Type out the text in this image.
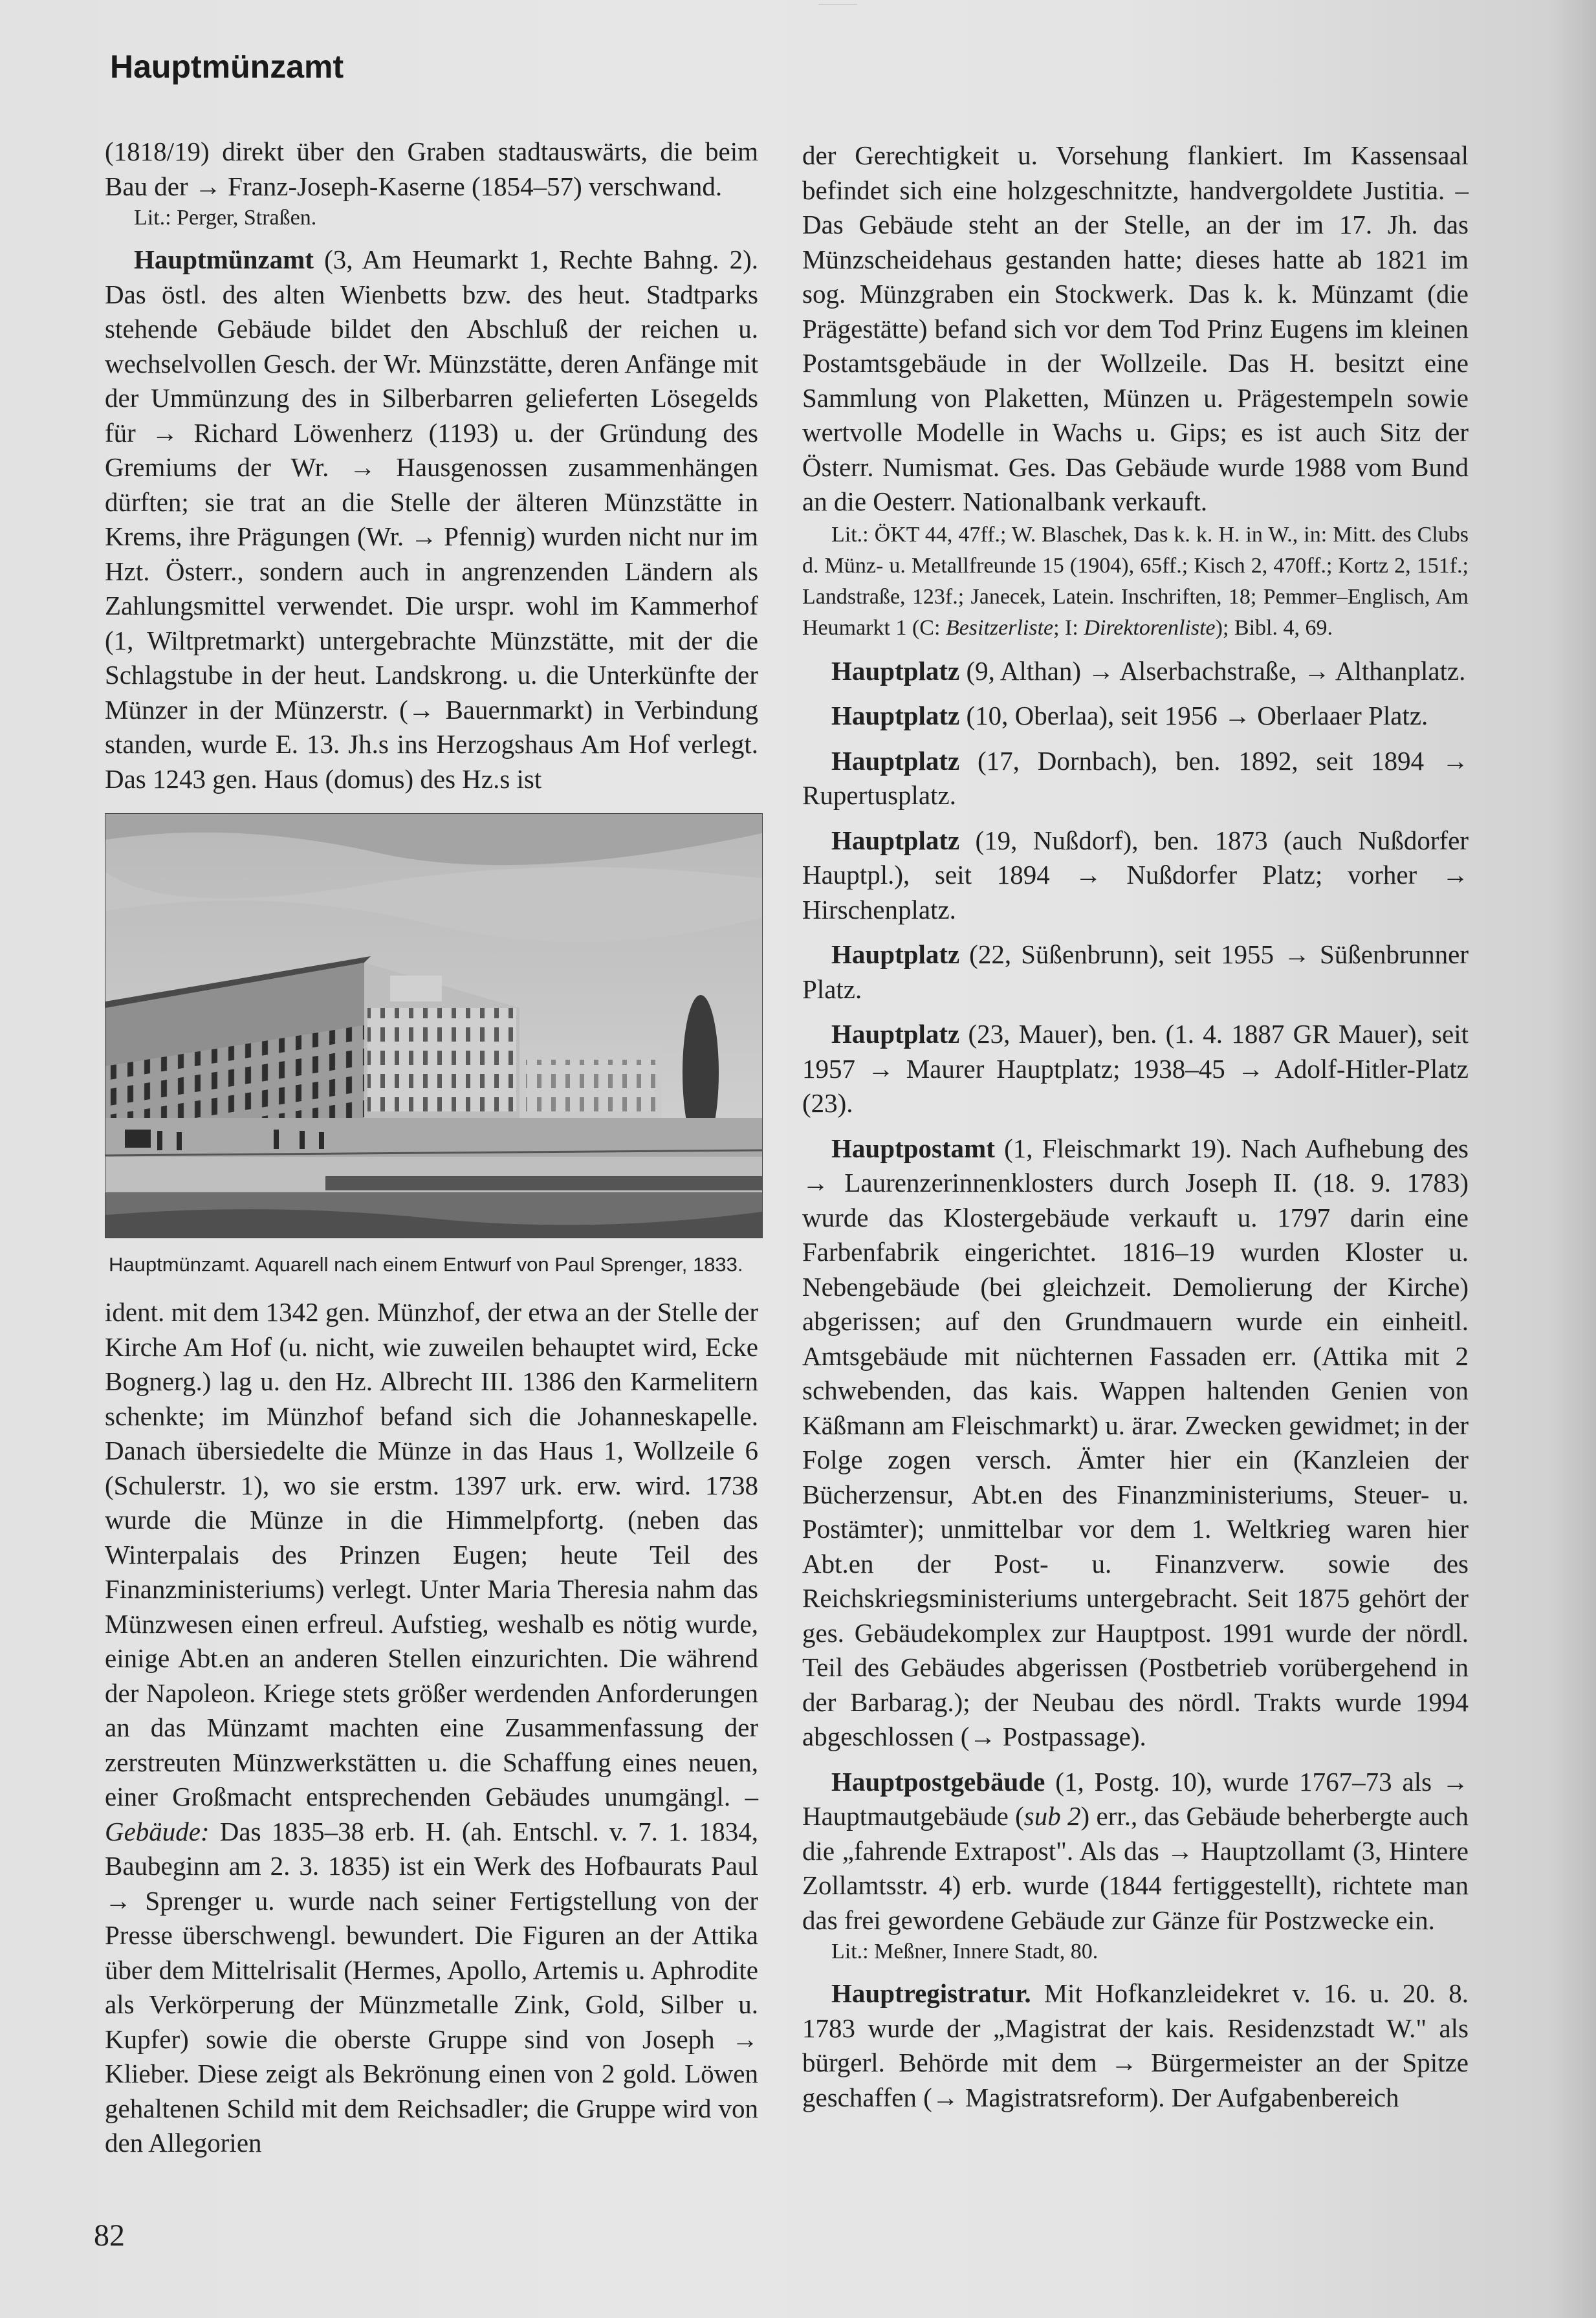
Hauptmünzamt

(1818/19) direkt über den Graben stadtauswärts, die beim Bau der → Franz-Joseph-Kaserne (1854–57) verschwand.

Lit.: Perger, Straßen.

Hauptmünzamt (3, Am Heumarkt 1, Rechte Bahng. 2). Das östl. des alten Wienbetts bzw. des heut. Stadtparks stehende Gebäude bildet den Abschluß der reichen u. wechselvollen Gesch. der Wr. Münzstätte, deren Anfänge mit der Ummünzung des in Silberbarren gelieferten Lösegelds für → Richard Löwenherz (1193) u. der Gründung des Gremiums der Wr. → Hausgenossen zusammenhängen dürften; sie trat an die Stelle der älteren Münzstätte in Krems, ihre Prägungen (Wr. → Pfennig) wurden nicht nur im Hzt. Österr., sondern auch in angrenzenden Ländern als Zahlungsmittel verwendet. Die urspr. wohl im Kammerhof (1, Wiltpretmarkt) untergebrachte Münzstätte, mit der die Schlagstube in der heut. Landskrong. u. die Unterkünfte der Münzer in der Münzerstr. (→ Bauernmarkt) in Verbindung standen, wurde E. 13. Jh.s ins Herzogshaus Am Hof verlegt. Das 1243 gen. Haus (domus) des Hz.s ist

Hauptmünzamt. Aquarell nach einem Entwurf von Paul Sprenger, 1833.

ident. mit dem 1342 gen. Münzhof, der etwa an der Stelle der Kirche Am Hof (u. nicht, wie zuweilen behauptet wird, Ecke Bognerg.) lag u. den Hz. Albrecht III. 1386 den Karmelitern schenkte; im Münzhof befand sich die Johanneskapelle. Danach übersiedelte die Münze in das Haus 1, Wollzeile 6 (Schulerstr. 1), wo sie erstm. 1397 urk. erw. wird. 1738 wurde die Münze in die Himmelpfortg. (neben das Winterpalais des Prinzen Eugen; heute Teil des Finanzministeriums) verlegt. Unter Maria Theresia nahm das Münzwesen einen erfreul. Aufstieg, weshalb es nötig wurde, einige Abt.en an anderen Stellen einzurichten. Die während der Napoleon. Kriege stets größer werdenden Anforderungen an das Münzamt machten eine Zusammenfassung der zerstreuten Münzwerkstätten u. die Schaffung eines neuen, einer Großmacht entsprechenden Gebäudes unumgängl. – Gebäude: Das 1835–38 erb. H. (ah. Entschl. v. 7. 1. 1834, Baubeginn am 2. 3. 1835) ist ein Werk des Hofbaurats Paul → Sprenger u. wurde nach seiner Fertigstellung von der Presse überschwengl. bewundert. Die Figuren an der Attika über dem Mittelrisalit (Hermes, Apollo, Artemis u. Aphrodite als Verkörperung der Münzmetalle Zink, Gold, Silber u. Kupfer) sowie die oberste Gruppe sind von Joseph → Klieber. Diese zeigt als Bekrönung einen von 2 gold. Löwen gehaltenen Schild mit dem Reichsadler; die Gruppe wird von den Allegorien

der Gerechtigkeit u. Vorsehung flankiert. Im Kassensaal befindet sich eine holzgeschnitzte, handvergoldete Justitia. – Das Gebäude steht an der Stelle, an der im 17. Jh. das Münzscheidehaus gestanden hatte; dieses hatte ab 1821 im sog. Münzgraben ein Stockwerk. Das k. k. Münzamt (die Prägestätte) befand sich vor dem Tod Prinz Eugens im kleinen Postamtsgebäude in der Wollzeile. Das H. besitzt eine Sammlung von Plaketten, Münzen u. Prägestempeln sowie wertvolle Modelle in Wachs u. Gips; es ist auch Sitz der Österr. Numismat. Ges. Das Gebäude wurde 1988 vom Bund an die Oesterr. Nationalbank verkauft.

Lit.: ÖKT 44, 47ff.; W. Blaschek, Das k. k. H. in W., in: Mitt. des Clubs d. Münz- u. Metallfreunde 15 (1904), 65ff.; Kisch 2, 470ff.; Kortz 2, 151f.; Landstraße, 123f.; Janecek, Latein. Inschriften, 18; Pemmer–Englisch, Am Heumarkt 1 (C: Besitzerliste; I: Direktorenliste); Bibl. 4, 69.

Hauptplatz (9, Althan) → Alserbachstraße, → Althanplatz.

Hauptplatz (10, Oberlaa), seit 1956 → Oberlaaer Platz.

Hauptplatz (17, Dornbach), ben. 1892, seit 1894 → Rupertusplatz.

Hauptplatz (19, Nußdorf), ben. 1873 (auch Nußdorfer Hauptpl.), seit 1894 → Nußdorfer Platz; vorher → Hirschenplatz.

Hauptplatz (22, Süßenbrunn), seit 1955 → Süßenbrunner Platz.

Hauptplatz (23, Mauer), ben. (1. 4. 1887 GR Mauer), seit 1957 → Maurer Hauptplatz; 1938–45 → Adolf-Hitler-Platz (23).

Hauptpostamt (1, Fleischmarkt 19). Nach Aufhebung des → Laurenzerinnenklosters durch Joseph II. (18. 9. 1783) wurde das Klostergebäude verkauft u. 1797 darin eine Farbenfabrik eingerichtet. 1816–19 wurden Kloster u. Nebengebäude (bei gleichzeit. Demolierung der Kirche) abgerissen; auf den Grundmauern wurde ein einheitl. Amtsgebäude mit nüchternen Fassaden err. (Attika mit 2 schwebenden, das kais. Wappen haltenden Genien von Käßmann am Fleischmarkt) u. ärar. Zwecken gewidmet; in der Folge zogen versch. Ämter hier ein (Kanzleien der Bücherzensur, Abt.en des Finanzministeriums, Steuer- u. Postämter); unmittelbar vor dem 1. Weltkrieg waren hier Abt.en der Post- u. Finanzverw. sowie des Reichskriegsministeriums untergebracht. Seit 1875 gehört der ges. Gebäudekomplex zur Hauptpost. 1991 wurde der nördl. Teil des Gebäudes abgerissen (Postbetrieb vorübergehend in der Barbarag.); der Neubau des nördl. Trakts wurde 1994 abgeschlossen (→ Postpassage).

Hauptpostgebäude (1, Postg. 10), wurde 1767–73 als → Hauptmautgebäude (sub 2) err., das Gebäude beherbergte auch die „fahrende Extrapost". Als das → Hauptzollamt (3, Hintere Zollamtsstr. 4) erb. wurde (1844 fertiggestellt), richtete man das frei gewordene Gebäude zur Gänze für Postzwecke ein.

Lit.: Meßner, Innere Stadt, 80.

Hauptregistratur. Mit Hofkanzleidekret v. 16. u. 20. 8. 1783 wurde der „Magistrat der kais. Residenzstadt W." als bürgerl. Behörde mit dem → Bürgermeister an der Spitze geschaffen (→ Magistratsreform). Der Aufgabenbereich

82
